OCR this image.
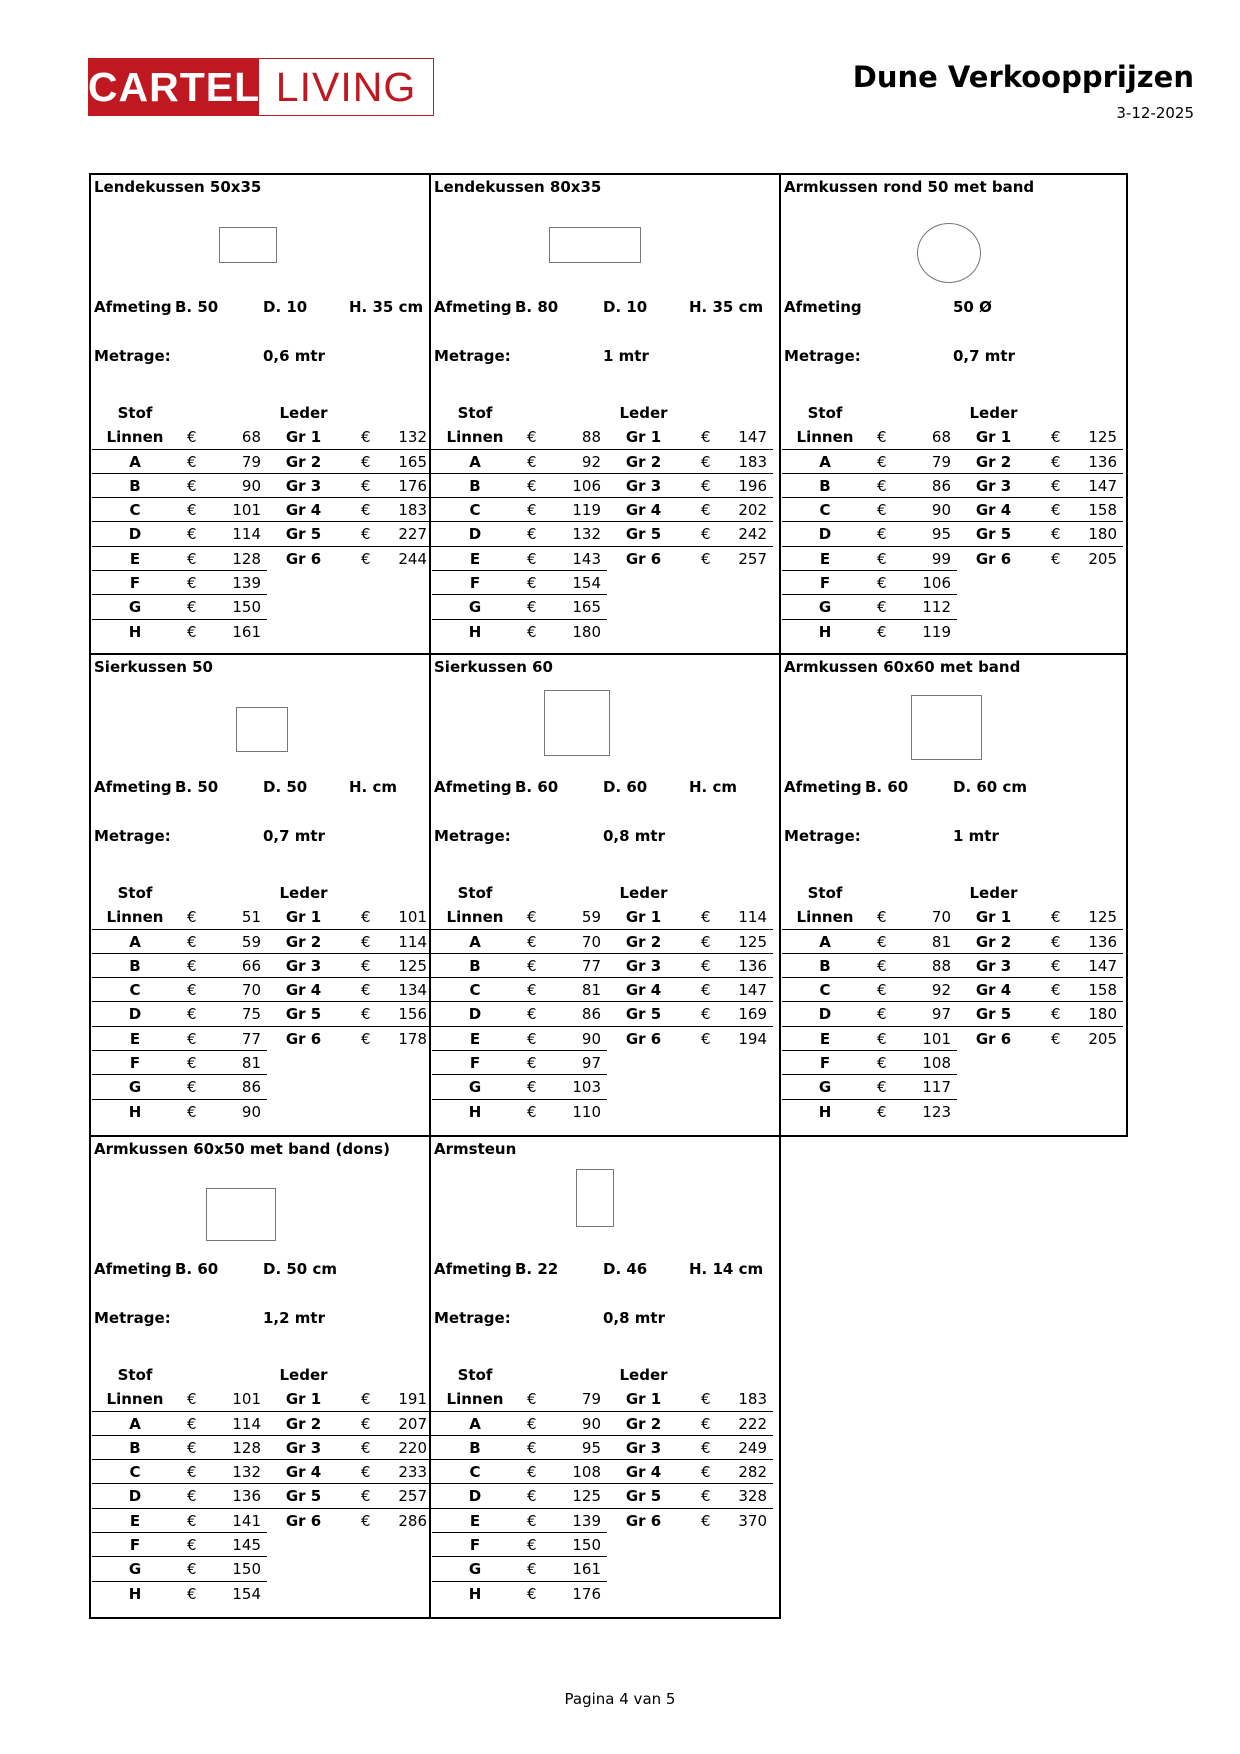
CARTEL LIVING	Dune Verkoopprijzen
3-12-2025
Lendekussen 50x35
Afmeting B. 50	D. 10	H. 35 cm
Metrage:	0,6 mtr
Stof	Leder
Linnen	€	68	Gr 1	€	132
A	€	79	Gr 2	€	165
B	€	90	Gr 3	€	176
C	€	101	Gr 4	€	183
D	€	114	Gr 5	€	227
E	€	128	Gr 6	€	244
F	€	139
G	€	150
H	€	161
Lendekussen 80x35
Afmeting B. 80	D. 10	H. 35 cm
Metrage:	1 mtr
Stof	Leder
Linnen	€	88	Gr 1	€	147
A	€	92	Gr 2	€	183
B	€	106	Gr 3	€	196
C	€	119	Gr 4	€	202
D	€	132	Gr 5	€	242
E	€	143	Gr 6	€	257
F	€	154
G	€	165
H	€	180
Armkussen rond 50 met band
Afmeting	50 Ø
Metrage:	0,7 mtr
Stof	Leder
Linnen	€	68	Gr 1	€	125
A	€	79	Gr 2	€	136
B	€	86	Gr 3	€	147
C	€	90	Gr 4	€	158
D	€	95	Gr 5	€	180
E	€	99	Gr 6	€	205
F	€	106
G	€	112
H	€	119
Sierkussen 50
Afmeting B. 50	D. 50	H. cm
Metrage:	0,7 mtr
Stof	Leder
Linnen	€	51	Gr 1	€	101
A	€	59	Gr 2	€	114
B	€	66	Gr 3	€	125
C	€	70	Gr 4	€	134
D	€	75	Gr 5	€	156
E	€	77	Gr 6	€	178
F	€	81
G	€	86
H	€	90
Sierkussen 60
Afmeting B. 60	D. 60	H. cm
Metrage:	0,8 mtr
Stof	Leder
Linnen	€	59	Gr 1	€	114
A	€	70	Gr 2	€	125
B	€	77	Gr 3	€	136
C	€	81	Gr 4	€	147
D	€	86	Gr 5	€	169
E	€	90	Gr 6	€	194
F	€	97
G	€	103
H	€	110
Armkussen 60x60 met band
Afmeting B. 60	D. 60 cm
Metrage:	1 mtr
Stof	Leder
Linnen	€	70	Gr 1	€	125
A	€	81	Gr 2	€	136
B	€	88	Gr 3	€	147
C	€	92	Gr 4	€	158
D	€	97	Gr 5	€	180
E	€	101	Gr 6	€	205
F	€	108
G	€	117
H	€	123
Armkussen 60x50 met band (dons)
Afmeting B. 60	D. 50 cm
Metrage:	1,2 mtr
Stof	Leder
Linnen	€	101	Gr 1	€	191
A	€	114	Gr 2	€	207
B	€	128	Gr 3	€	220
C	€	132	Gr 4	€	233
D	€	136	Gr 5	€	257
E	€	141	Gr 6	€	286
F	€	145
G	€	150
H	€	154
Armsteun
Afmeting B. 22	D. 46	H. 14 cm
Metrage:	0,8 mtr
Stof	Leder
Linnen	€	79	Gr 1	€	183
A	€	90	Gr 2	€	222
B	€	95	Gr 3	€	249
C	€	108	Gr 4	€	282
D	€	125	Gr 5	€	328
E	€	139	Gr 6	€	370
F	€	150
G	€	161
H	€	176
Pagina 4 van 5
